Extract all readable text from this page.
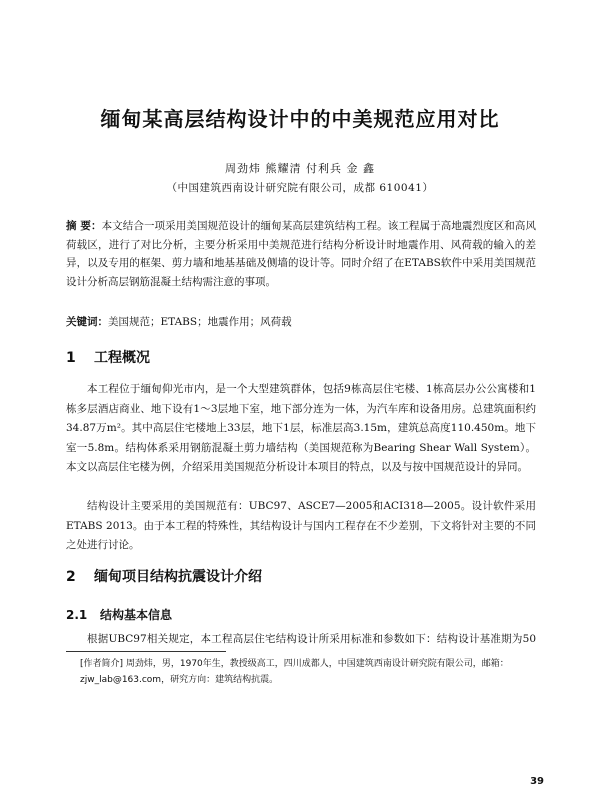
缅甸某高层结构设计中的中美规范应用对比
周劲炜 熊耀清 付利兵 金 鑫
（中国建筑西南设计研究院有限公司，成都 610041）
摘 要：本文结合一项采用美国规范设计的缅甸某高层建筑结构工程。该工程属于高地震烈度区和高风荷载区，进行了对比分析，主要分析采用中美规范进行结构分析设计时地震作用、风荷载的输入的差异，以及专用的框架、剪力墙和地基基础及侧墙的设计等。同时介绍了在ETABS软件中采用美国规范设计分析高层钢筋混凝土结构需注意的事项。
关键词：美国规范；ETABS；地震作用；风荷载
1 工程概况
本工程位于缅甸仰光市内，是一个大型建筑群体，包括9栋高层住宅楼、1栋高层办公公寓楼和1栋多层酒店商业、地下设有1～3层地下室，地下部分连为一体，为汽车库和设备用房。总建筑面积约34.87万m²。其中高层住宅楼地上33层，地下1层，标准层高3.15m，建筑总高度110.450m。地下室一5.8m。结构体系采用钢筋混凝土剪力墙结构（美国规范称为Bearing Shear Wall System）。本文以高层住宅楼为例，介绍采用美国规范分析设计本项目的特点，以及与按中国规范设计的异同。
结构设计主要采用的美国规范有：UBC97、ASCE7—2005和ACI318—2005。设计软件采用ETABS 2013。由于本工程的特殊性，其结构设计与国内工程存在不少差别，下文将针对主要的不同之处进行讨论。
2 缅甸项目结构抗震设计介绍
2.1 结构基本信息
根据UBC97相关规定，本工程高层住宅结构设计所采用标准和参数如下：结构设计基准期为50
[作者简介] 周劲炜，男，1970年生，教授级高工，四川成都人，中国建筑西南设计研究院有限公司，邮箱：zjw_lab@163.com，研究方向：建筑结构抗震。
39
